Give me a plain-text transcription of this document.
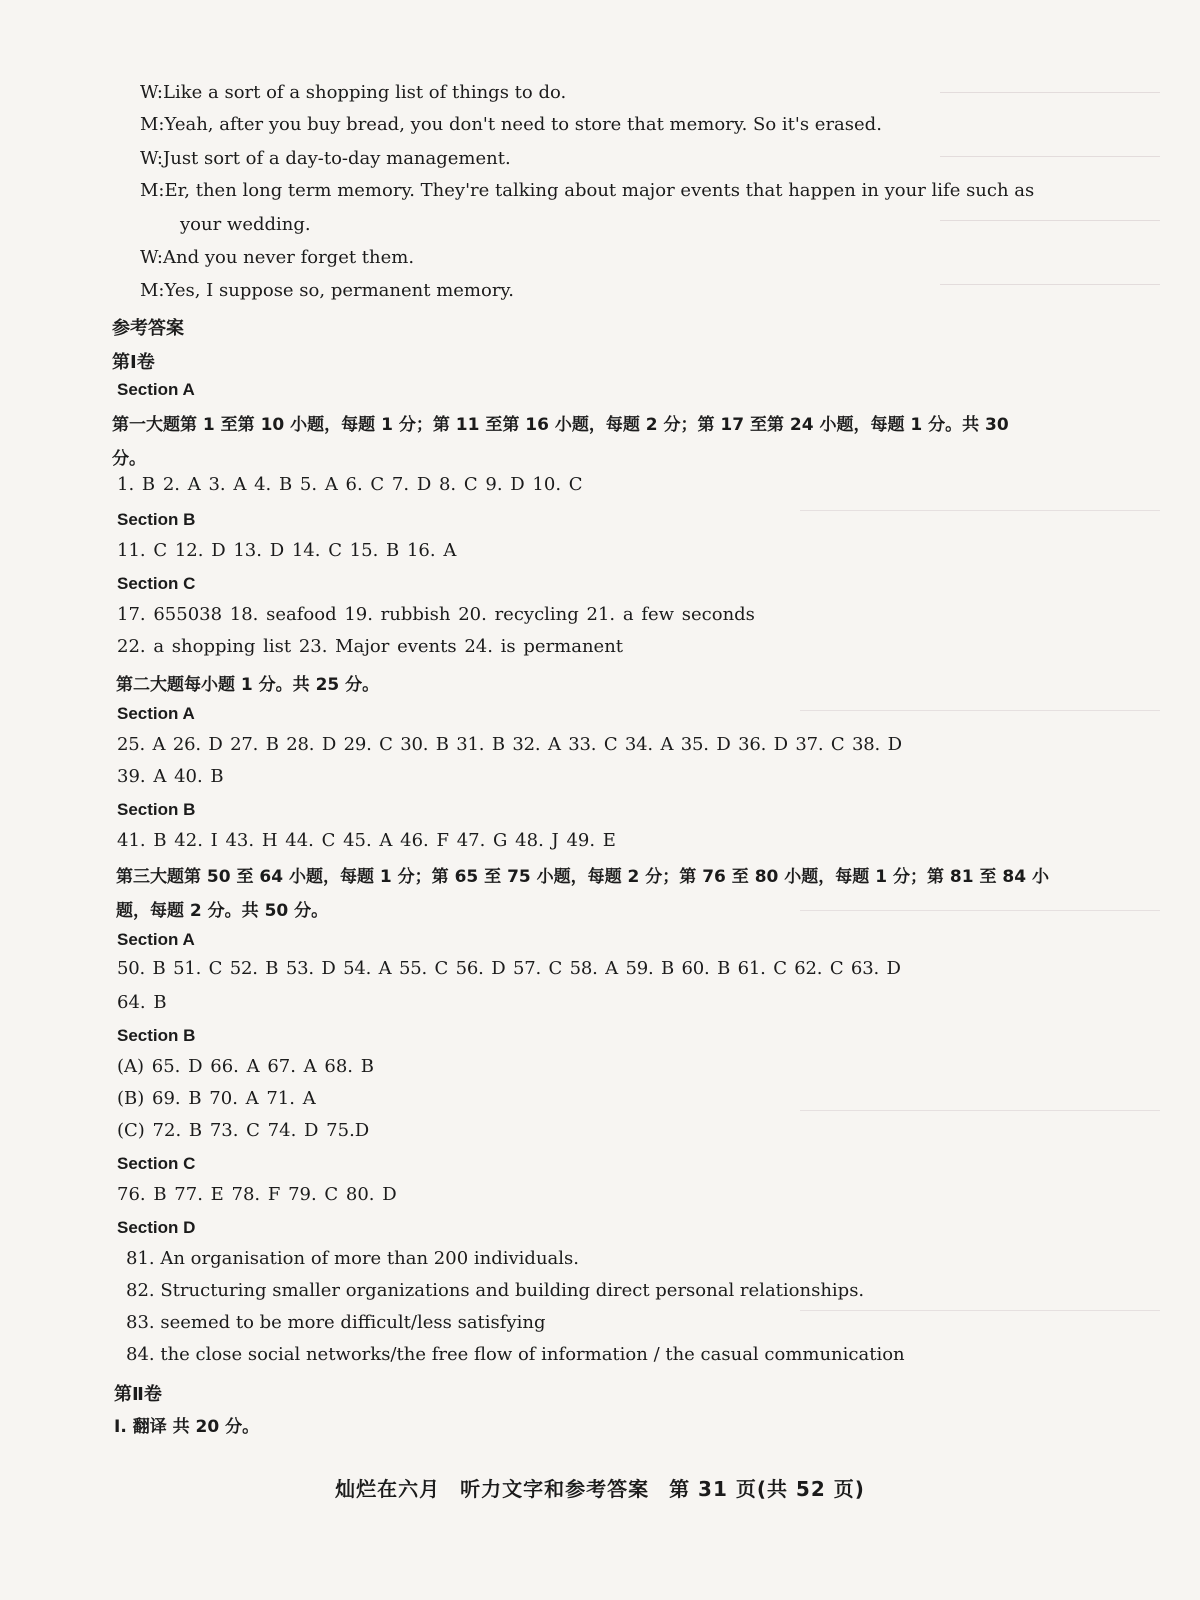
W:Like a sort of a shopping list of things to do.
M:Yeah, after you buy bread, you don't need to store that memory. So it's erased.
W:Just sort of a day-to-day management.
M:Er, then long term memory. They're talking about major events that happen in your life such as
your wedding.
W:And you never forget them.
M:Yes, I suppose so, permanent memory.
参考答案
第Ⅰ卷
Section A
第一大题第 1 至第 10 小题，每题 1 分；第 11 至第 16 小题，每题 2 分；第 17 至第 24 小题，每题 1 分。共 30
分。
1. B 2. A 3. A 4. B 5. A 6. C 7. D 8. C 9. D 10. C
Section B
11. C 12. D 13. D 14. C 15. B 16. A
Section C
17. 655038 18. seafood 19. rubbish 20. recycling 21. a few seconds
22. a shopping list 23. Major events 24. is permanent
第二大题每小题 1 分。共 25 分。
Section A
25. A 26. D 27. B 28. D 29. C 30. B 31. B 32. A 33. C 34. A 35. D 36. D 37. C 38. D
39. A 40. B
Section B
41. B 42. I 43. H 44. C 45. A 46. F 47. G 48. J 49. E
第三大题第 50 至 64 小题，每题 1 分；第 65 至 75 小题，每题 2 分；第 76 至 80 小题，每题 1 分；第 81 至 84 小
题，每题 2 分。共 50 分。
Section A
50. B 51. C 52. B 53. D 54. A 55. C 56. D 57. C 58. A 59. B 60. B 61. C 62. C 63. D
64. B
Section B
(A) 65. D 66. A 67. A 68. B
(B) 69. B 70. A 71. A
(C) 72. B 73. C 74. D 75.D
Section C
76. B 77. E 78. F 79. C 80. D
Section D
81. An organisation of more than 200 individuals.
82. Structuring smaller organizations and building direct personal relationships.
83. seemed to be more difficult/less satisfying
84. the close social networks/the free flow of information / the casual communication
第Ⅱ卷
Ⅰ. 翻译 共 20 分。
灿烂在六月 听力文字和参考答案 第 31 页(共 52 页)
